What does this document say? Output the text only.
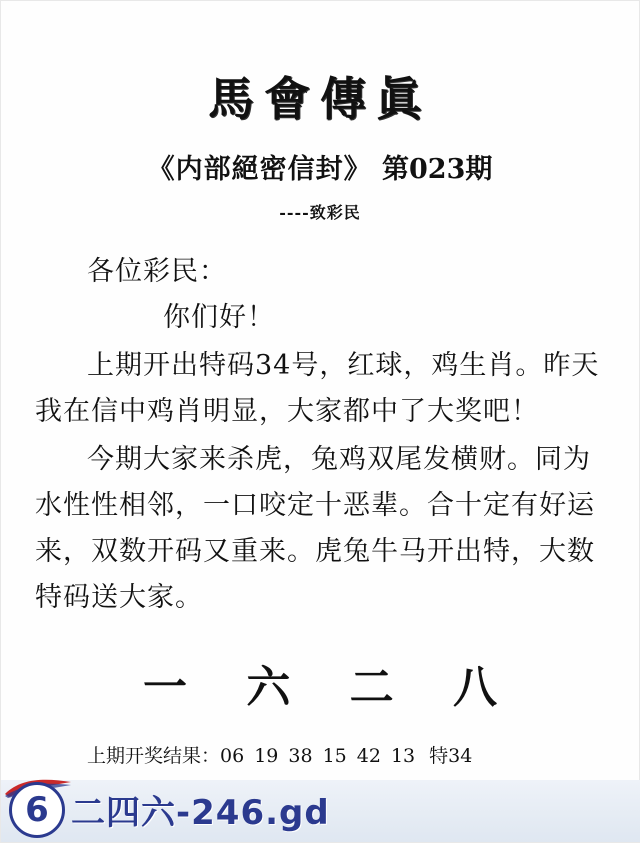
馬會傳眞
《内部絕密信封》 第023期
----致彩民
各位彩民：
你们好！
上期开出特码34号，红球，鸡生肖。昨天我在信中鸡肖明显，大家都中了大奖吧！
今期大家来杀虎，兔鸡双尾发横财。同为水性性相邻，一口咬定十恶辈。合十定有好运来，双数开码又重来。虎兔牛马开出特，大数特码送大家。
一 六 二 八
上期开奖结果：06 19 38 15 42 13 特34
6 二四六-246.gd
